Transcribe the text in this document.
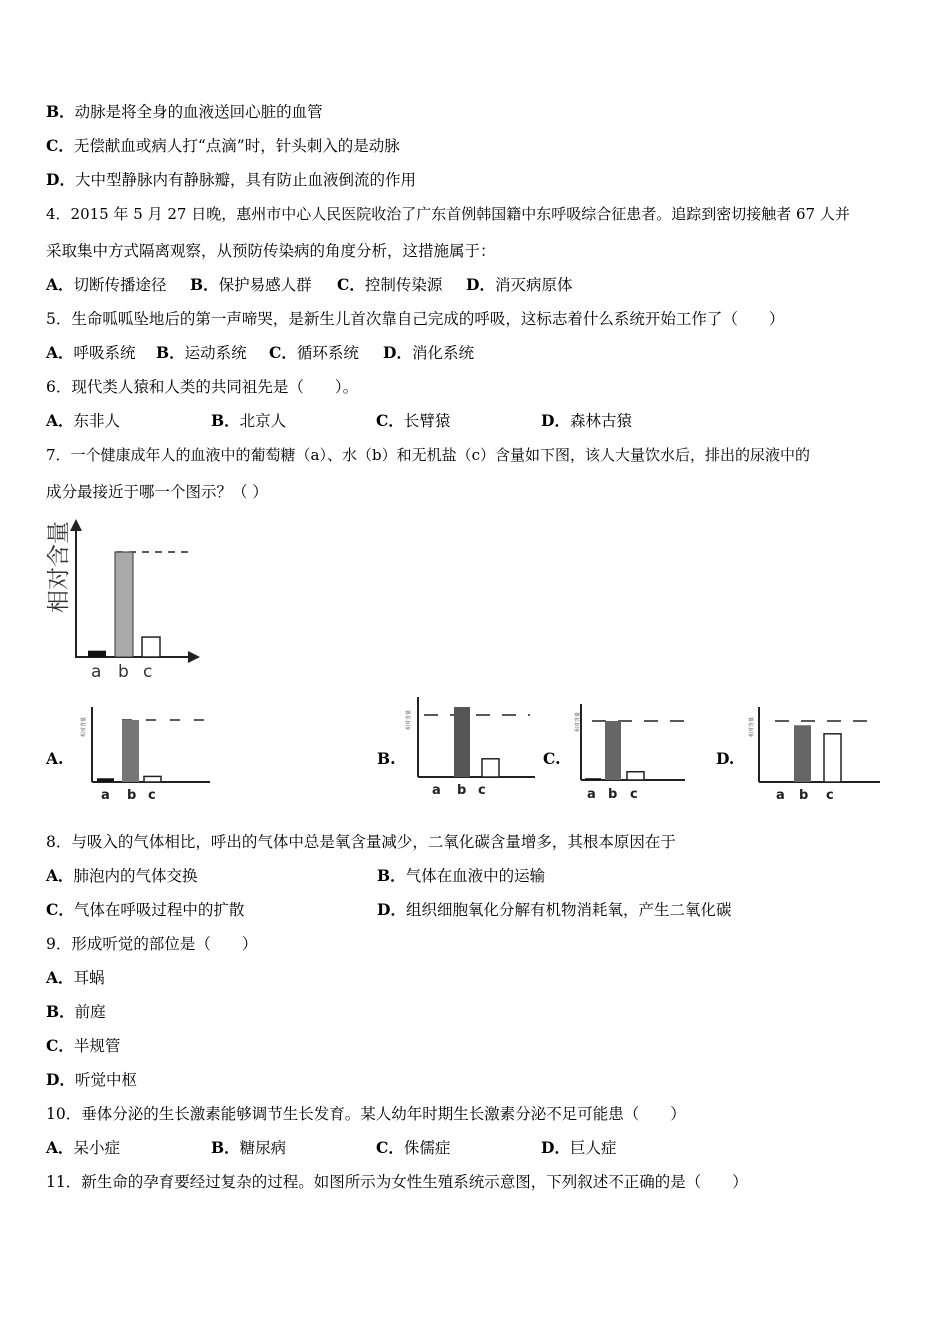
B．动脉是将全身的血液送回心脏的血管
C．无偿献血或病人打“点滴”时，针头刺入的是动脉
D．大中型静脉内有静脉瓣，具有防止血液倒流的作用
4．2015 年 5 月 27 日晚，惠州市中心人民医院收治了广东首例韩国籍中东呼吸综合征患者。追踪到密切接触者 67 人并
采取集中方式隔离观察，从预防传染病的角度分析，这措施属于：
A．切断传播途径 B．保护易感人群 C．控制传染源 D．消灭病原体
5．生命呱呱坠地后的第一声啼哭，是新生儿首次靠自己完成的呼吸，这标志着什么系统开始工作了（　　）
A．呼吸系统 B．运动系统 C．循环系统 D．消化系统
6．现代类人猿和人类的共同祖先是（　　）。
A．东非人	B．北京人	C．长臂猿	D．森林古猿
7．一个健康成年人的血液中的葡萄糖（a）、水（b）和无机盐（c）含量如下图，该人大量饮水后，排出的尿液中的
成分最接近于哪一个图示？（ ）
相对含量
a b c
A.	B.	C.	D.
相对含量
a b c
相对含量
a b c
相对含量
a b c
相对含量
a b c
8．与吸入的气体相比，呼出的气体中总是氧含量减少，二氧化碳含量增多，其根本原因在于
A．肺泡内的气体交换	B．气体在血液中的运输
C．气体在呼吸过程中的扩散	D．组织细胞氧化分解有机物消耗氧，产生二氧化碳
9．形成听觉的部位是（　　）
A．耳蜗
B．前庭
C．半规管
D．听觉中枢
10．垂体分泌的生长激素能够调节生长发育。某人幼年时期生长激素分泌不足可能患（　　）
A．呆小症	B．糖尿病	C．侏儒症	D．巨人症
11．新生命的孕育要经过复杂的过程。如图所示为女性生殖系统示意图，下列叙述不正确的是（　　）
